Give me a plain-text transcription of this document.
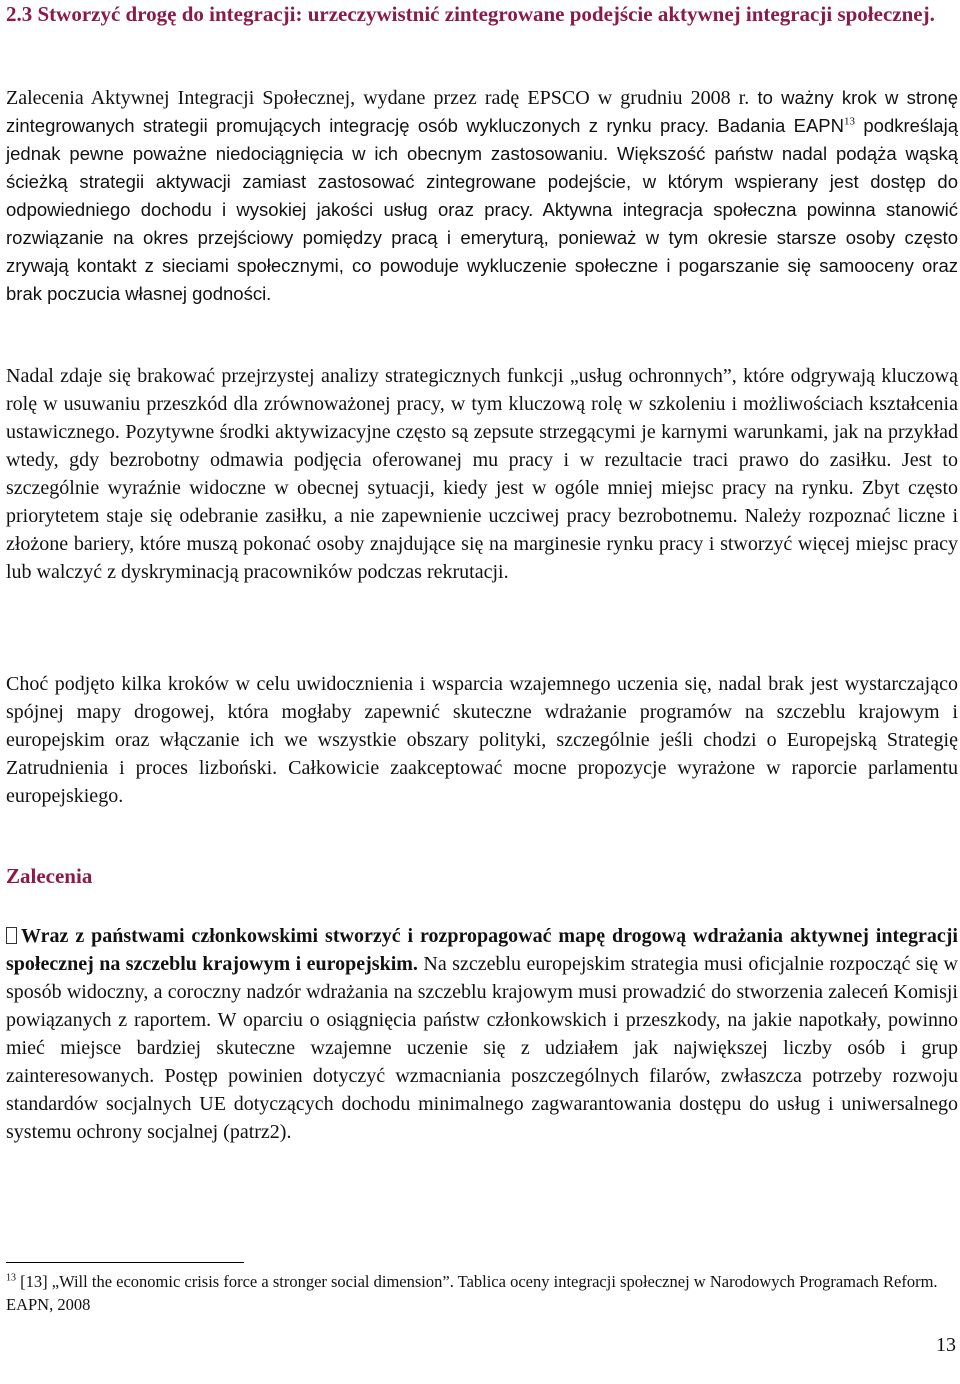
2.3 Stworzyć drogę do integracji: urzeczywistnić zintegrowane podejście aktywnej integracji społecznej.

Zalecenia Aktywnej Integracji Społecznej, wydane przez radę EPSCO w grudniu 2008 r. to ważny krok w stronę zintegrowanych strategii promujących integrację osób wykluczonych z rynku pracy. Badania EAPN$^{13}$ podkreślają jednak pewne poważne niedociągnięcia w ich obecnym zastosowaniu. Większość państw nadal podąża wąską ścieżką strategii aktywacji zamiast zastosować zintegrowane podejście, w którym wspierany jest dostęp do odpowiedniego dochodu i wysokiej jakości usług oraz pracy. Aktywna integracja społeczna powinna stanowić rozwiązanie na okres przejściowy pomiędzy pracą i emeryturą, ponieważ w tym okresie starsze osoby często zrywają kontakt z sieciami społecznymi, co powoduje wykluczenie społeczne i pogarszanie się samooceny oraz brak poczucia własnej godności.

Nadal zdaje się brakować przejrzystej analizy strategicznych funkcji „usług ochronnych”, które odgrywają kluczową rolę w usuwaniu przeszkód dla zrównoważonej pracy, w tym kluczową rolę w szkoleniu i możliwościach kształcenia ustawicznego. Pozytywne środki aktywizacyjne często są zepsute strzegącymi je karnymi warunkami, jak na przykład wtedy, gdy bezrobotny odmawia podjęcia oferowanej mu pracy i w rezultacie traci prawo do zasiłku. Jest to szczególnie wyraźnie widoczne w obecnej sytuacji, kiedy jest w ogóle mniej miejsc pracy na rynku. Zbyt często priorytetem staje się odebranie zasiłku, a nie zapewnienie uczciwej pracy bezrobotnemu. Należy rozpoznać liczne i złożone bariery, które muszą pokonać osoby znajdujące się na marginesie rynku pracy i stworzyć więcej miejsc pracy lub walczyć z dyskryminacją pracowników podczas rekrutacji.

Choć podjęto kilka kroków w celu uwidocznienia i wsparcia wzajemnego uczenia się, nadal brak jest wystarczająco spójnej mapy drogowej, która mogłaby zapewnić skuteczne wdrażanie programów na szczeblu krajowym i europejskim oraz włączanie ich we wszystkie obszary polityki, szczególnie jeśli chodzi o Europejską Strategię Zatrudnienia i proces lizboński. Całkowicie zaakceptować mocne propozycje wyrażone w raporcie parlamentu europejskiego.

Zalecenia

Wraz z państwami członkowskimi stworzyć i rozpropagować mapę drogową wdrażania aktywnej integracji społecznej na szczeblu krajowym i europejskim. Na szczeblu europejskim strategia musi oficjalnie rozpocząć się w sposób widoczny, a coroczny nadzór wdrażania na szczeblu krajowym musi prowadzić do stworzenia zaleceń Komisji powiązanych z raportem. W oparciu o osiągnięcia państw członkowskich i przeszkody, na jakie napotkały, powinno mieć miejsce bardziej skuteczne wzajemne uczenie się z udziałem jak największej liczby osób i grup zainteresowanych. Postęp powinien dotyczyć wzmacniania poszczególnych filarów, zwłaszcza potrzeby rozwoju standardów socjalnych UE dotyczących dochodu minimalnego zagwarantowania dostępu do usług i uniwersalnego systemu ochrony socjalnej (patrz2).

$^{13}$ [13] „Will the economic crisis force a stronger social dimension”. Tablica oceny integracji społecznej w Narodowych Programach Reform. EAPN, 2008

13
